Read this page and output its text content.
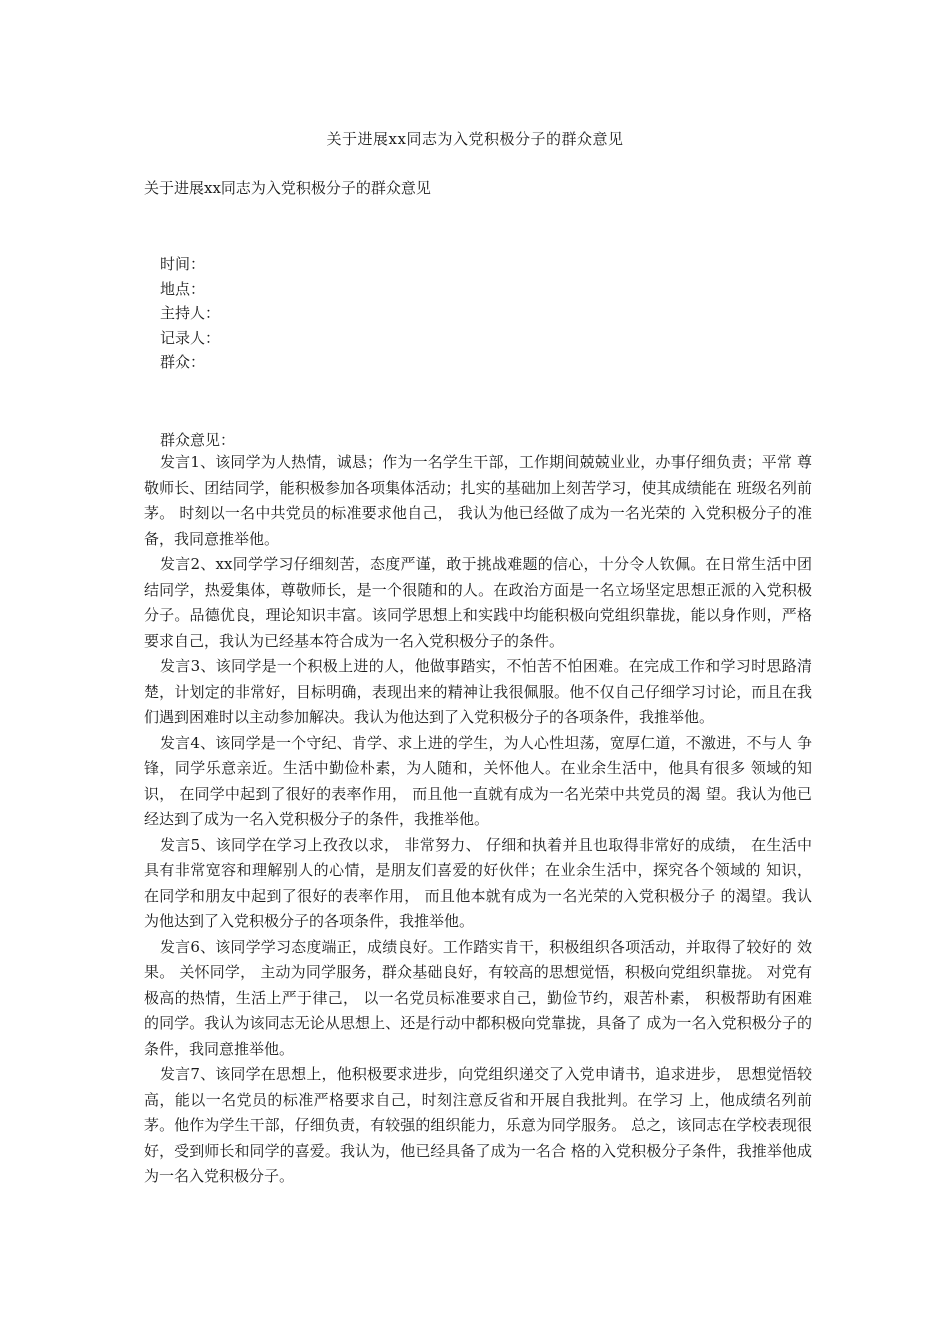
关于进展xx同志为入党积极分子的群众意见
关于进展xx同志为入党积极分子的群众意见
时间：
地点：
主持人：
记录人：
群众：
群众意见：

发言1、该同学为人热情，诚恳；作为一名学生干部，工作期间兢兢业业，办事仔细负责；平常 尊敬师长、团结同学，能积极参加各项集体活动；扎实的基础加上刻苦学习，使其成绩能在 班级名列前茅。 时刻以一名中共党员的标准要求他自己， 我认为他已经做了成为一名光荣的 入党积极分子的准备，我同意推举他。

发言2、xx同学学习仔细刻苦，态度严谨，敢于挑战难题的信心，十分令人钦佩。在日常生活中团结同学，热爱集体，尊敬师长，是一个很随和的人。在政治方面是一名立场坚定思想正派的入党积极分子。品德优良，理论知识丰富。该同学思想上和实践中均能积极向党组织靠拢，能以身作则，严格要求自己，我认为已经基本符合成为一名入党积极分子的条件。

发言3、该同学是一个积极上进的人，他做事踏实，不怕苦不怕困难。在完成工作和学习时思路清楚，计划定的非常好，目标明确，表现出来的精神让我很佩服。他不仅自己仔细学习讨论，而且在我们遇到困难时以主动参加解决。我认为他达到了入党积极分子的各项条件，我推举他。

发言4、该同学是一个守纪、肯学、求上进的学生，为人心性坦荡，宽厚仁道，不激进，不与人 争锋，同学乐意亲近。生活中勤俭朴素，为人随和，关怀他人。在业余生活中，他具有很多 领域的知识， 在同学中起到了很好的表率作用， 而且他一直就有成为一名光荣中共党员的渴 望。我认为他已经达到了成为一名入党积极分子的条件，我推举他。

发言5、该同学在学习上孜孜以求， 非常努力、 仔细和执着并且也取得非常好的成绩， 在生活中 具有非常宽容和理解别人的心情，是朋友们喜爱的好伙伴；在业余生活中，探究各个领域的 知识， 在同学和朋友中起到了很好的表率作用， 而且他本就有成为一名光荣的入党积极分子 的渴望。我认为他达到了入党积极分子的各项条件，我推举他。

发言6、该同学学习态度端正，成绩良好。工作踏实肯干，积极组织各项活动，并取得了较好的 效果。 关怀同学， 主动为同学服务，群众基础良好，有较高的思想觉悟，积极向党组织靠拢。 对党有极高的热情，生活上严于律己， 以一名党员标准要求自己，勤俭节约，艰苦朴素， 积极帮助有困难的同学。我认为该同志无论从思想上、还是行动中都积极向党靠拢，具备了 成为一名入党积极分子的条件，我同意推举他。

发言7、该同学在思想上，他积极要求进步，向党组织递交了入党申请书，追求进步， 思想觉悟较高，能以一名党员的标准严格要求自己，时刻注意反省和开展自我批判。在学习 上，他成绩名列前茅。他作为学生干部，仔细负责，有较强的组织能力，乐意为同学服务。 总之，该同志在学校表现很好，受到师长和同学的喜爱。我认为，他已经具备了成为一名合 格的入党积极分子条件，我推举他成为一名入党积极分子。
